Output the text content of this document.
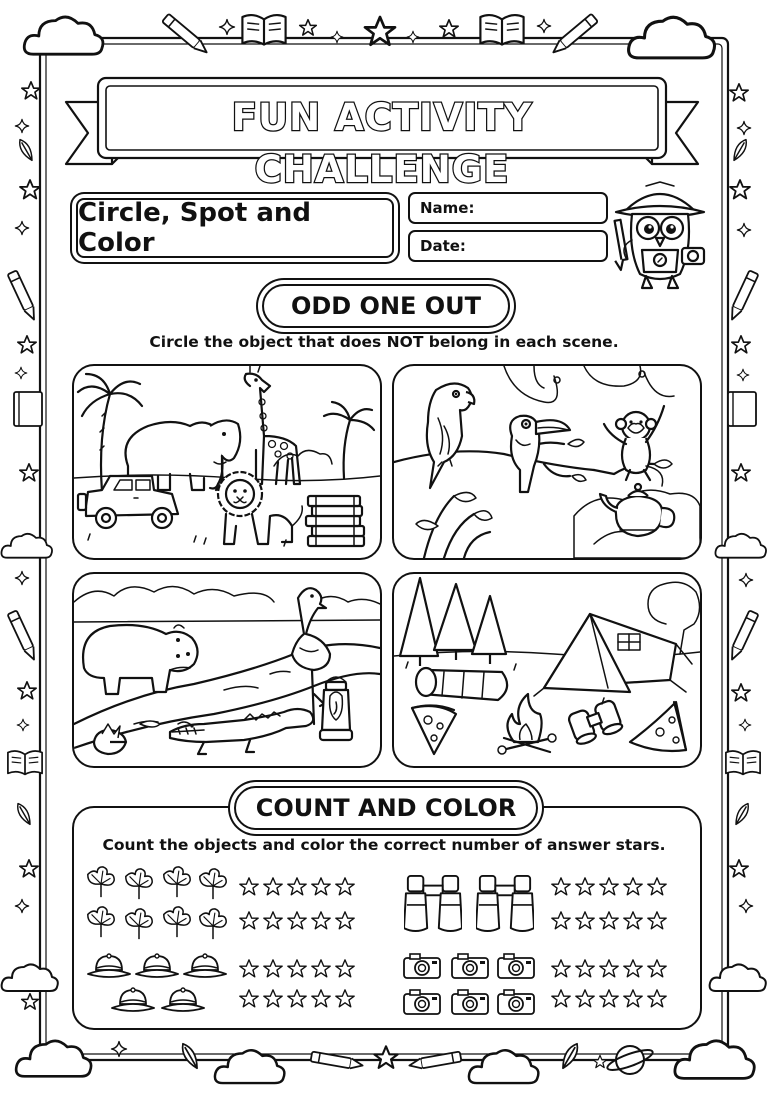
FUN ACTIVITY CHALLENGE
Circle, Spot and Color
Name:
Date:
ODD ONE OUT
Circle the object that does NOT belong in each scene.
COUNT AND COLOR
Count the objects and color the correct number of answer stars.
